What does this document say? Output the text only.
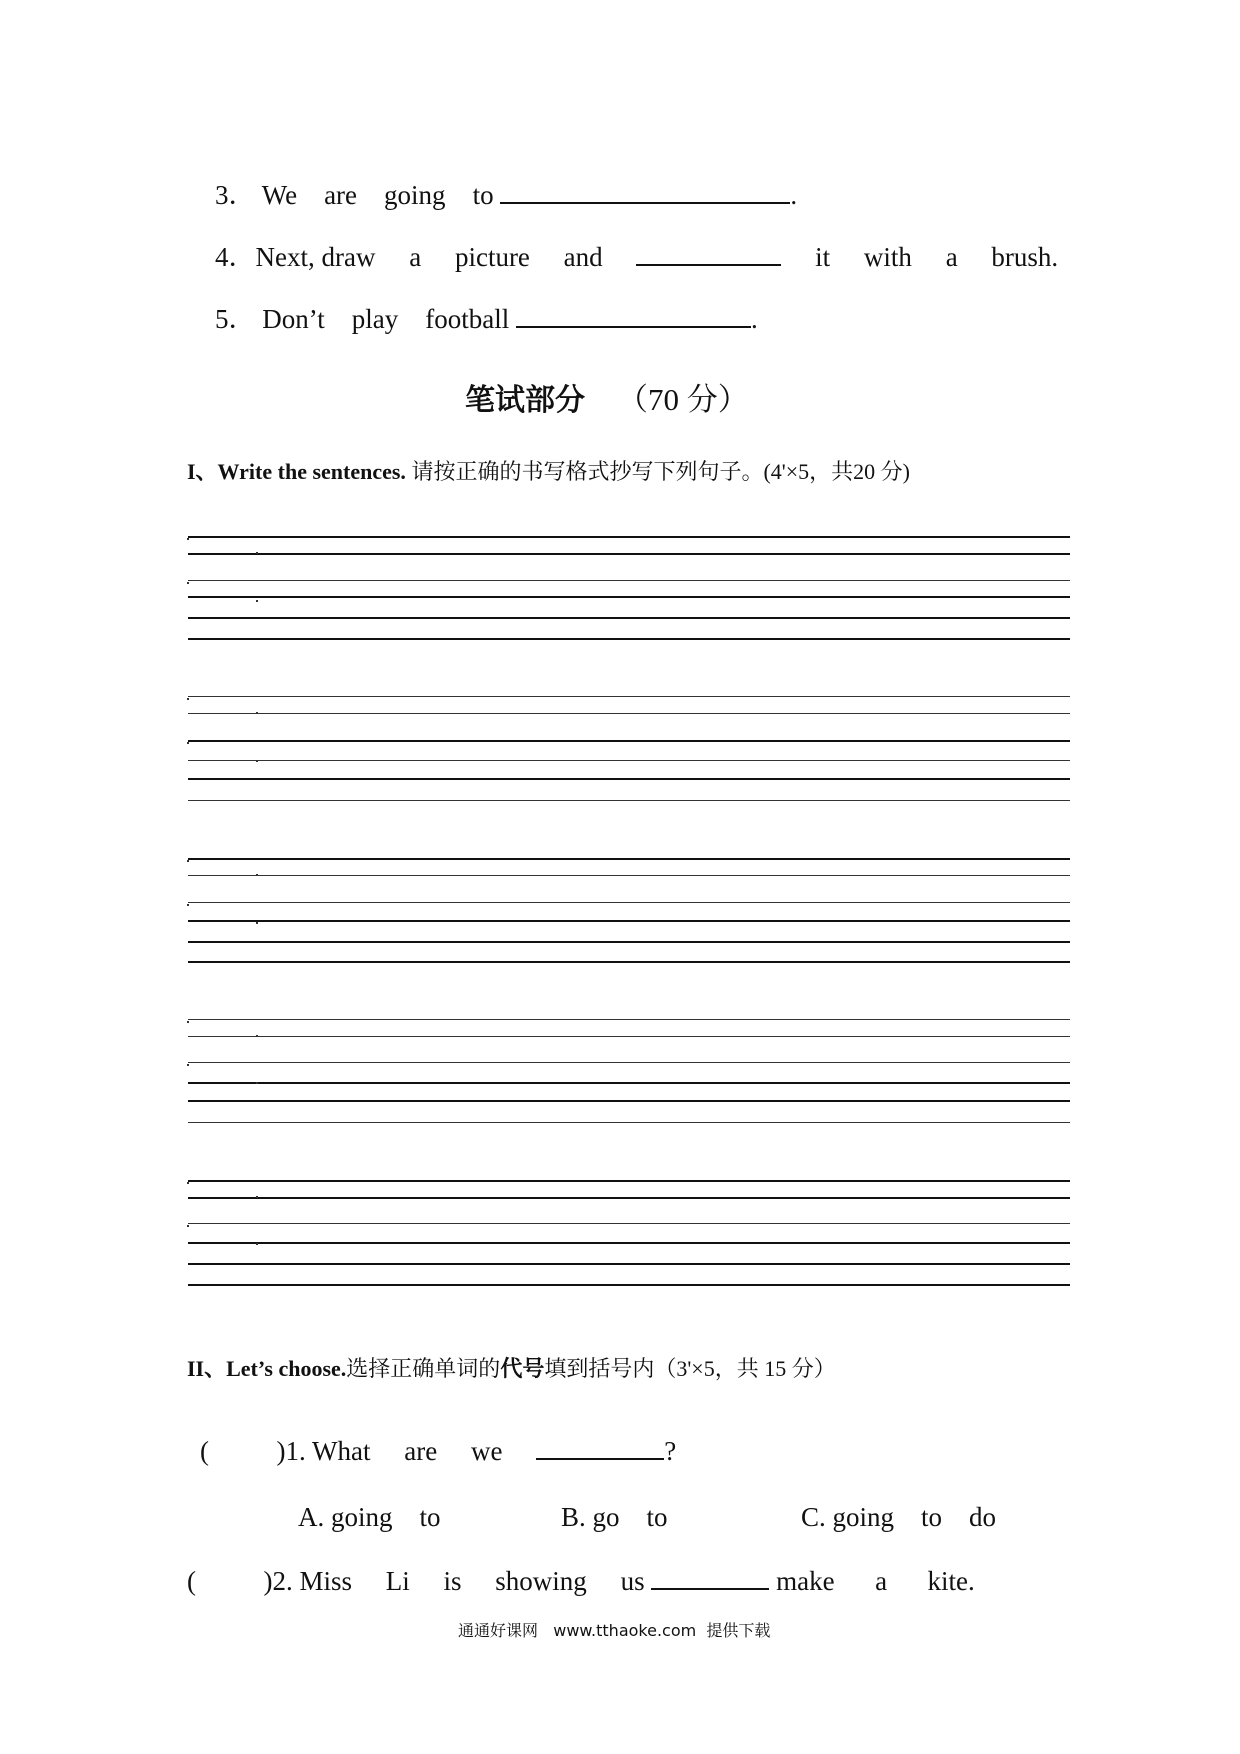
3． We are going to	.
4．Next, draw a picture and	it with a brush.
5． Don’t play football	.
笔试部分 （70 分）
I、Write the sentences. 请按正确的书写格式抄写下列句子。(4'×5，共20 分)
II、Let’s choose.选择正确单词的代号填到括号内（3'×5，共 15 分）
(	)1. What are we	?
A. going    to	B. go    to	C. going    to    do
(	)2. Miss Li is showing us	make a kite.
通通好课网   www.tthaoke.com  提供下载
